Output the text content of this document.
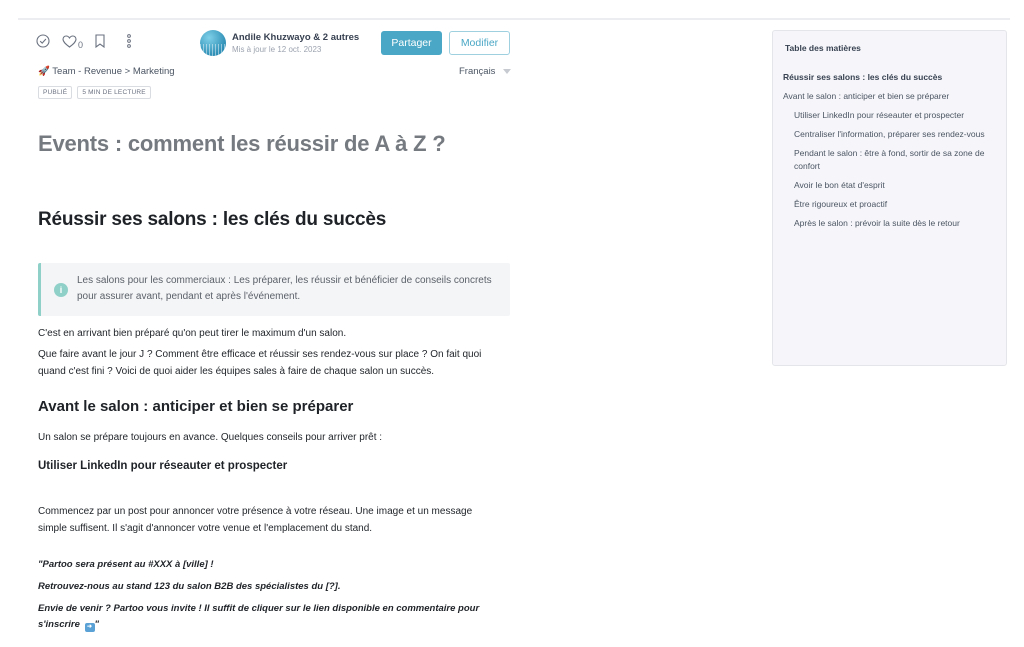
0
Andile Khuzwayo & 2 autres
Mis à jour le 12 oct. 2023
Partager	Modifier
🚀 Team - Revenue > Marketing	Français
PUBLIÉ	5 MIN DE LECTURE
Events : comment les réussir de A à Z ?
Réussir ses salons : les clés du succès
i
Les salons pour les commerciaux : Les préparer, les réussir et bénéficier de conseils concrets pour assurer avant, pendant et après l'événement.

C'est en arrivant bien préparé qu'on peut tirer le maximum d'un salon.

Que faire avant le jour J ? Comment être efficace et réussir ses rendez-vous sur place ? On fait quoi quand c'est fini ? Voici de quoi aider les équipes sales à faire de chaque salon un succès.

Avant le salon : anticiper et bien se préparer

Un salon se prépare toujours en avance. Quelques conseils pour arriver prêt :

Utiliser LinkedIn pour réseauter et prospecter

Commencez par un post pour annoncer votre présence à votre réseau. Une image et un message simple suffisent. Il s'agit d'annoncer votre venue et l'emplacement du stand.

"Partoo sera présent au #XXX à [ville] !

Retrouvez-nous au stand 123 du salon B2B des spécialistes du [?].

Envie de venir ? Partoo vous invite ! Il suffit de cliquer sur le lien disponible en commentaire pour s'inscrire ➜ "

Table des matières
Réussir ses salons : les clés du succès
Avant le salon : anticiper et bien se préparer
Utiliser LinkedIn pour réseauter et prospecter
Centraliser l'information, préparer ses rendez-vous
Pendant le salon : être à fond, sortir de sa zone de confort
Avoir le bon état d'esprit
Être rigoureux et proactif
Après le salon : prévoir la suite dès le retour
